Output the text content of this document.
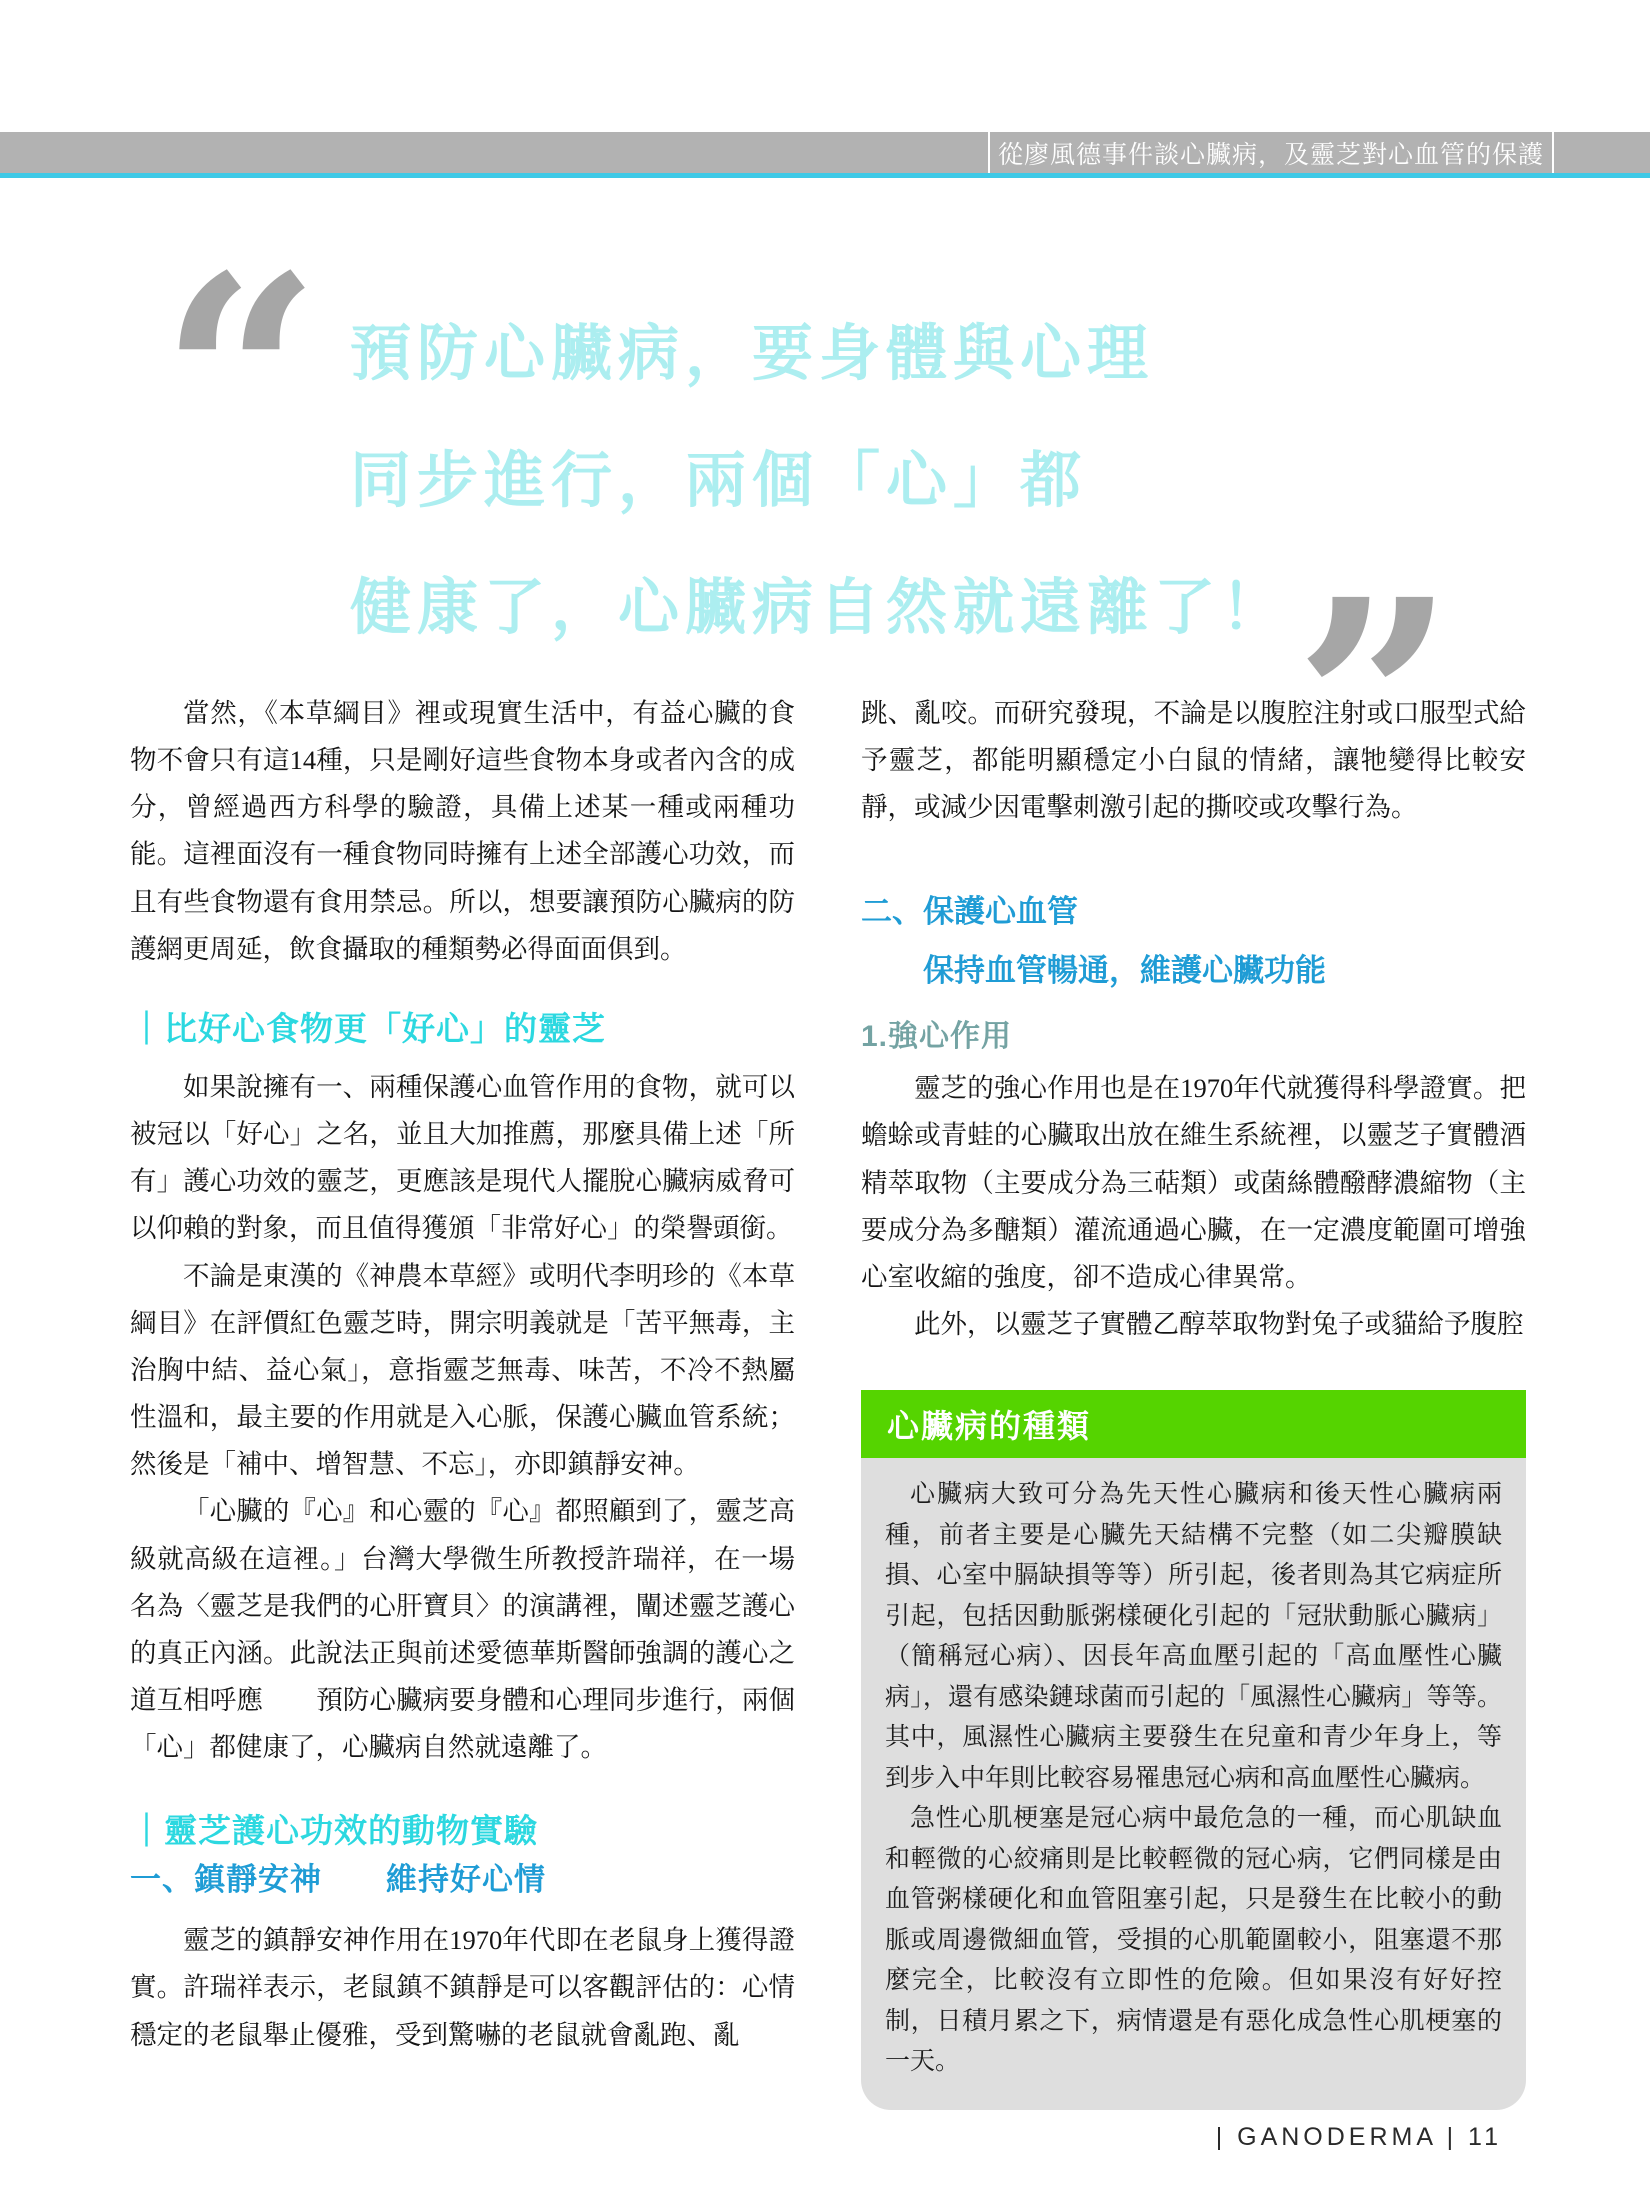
從廖風德事件談心臟病，及靈芝對心血管的保護
“ 預防心臟病，要身體與心理
同步進行，兩個「心」都
健康了，心臟病自然就遠離了！”

當然，《本草綱目》裡或現實生活中，有益心臟的食物不會只有這14種，只是剛好這些食物本身或者內含的成分，曾經過西方科學的驗證，具備上述某一種或兩種功能。這裡面沒有一種食物同時擁有上述全部護心功效，而且有些食物還有食用禁忌。所以，想要讓預防心臟病的防護網更周延，飲食攝取的種類勢必得面面俱到。

｜比好心食物更「好心」的靈芝

如果說擁有一、兩種保護心血管作用的食物，就可以被冠以「好心」之名，並且大加推薦，那麼具備上述「所有」護心功效的靈芝，更應該是現代人擺脫心臟病威脅可以仰賴的對象，而且值得獲頒「非常好心」的榮譽頭銜。

不論是東漢的《神農本草經》或明代李明珍的《本草綱目》在評價紅色靈芝時，開宗明義就是「苦平無毒，主治胸中結、益心氣」，意指靈芝無毒、味苦，不冷不熱屬性溫和，最主要的作用就是入心脈，保護心臟血管系統；然後是「補中、增智慧、不忘」，亦即鎮靜安神。

「心臟的『心』和心靈的『心』都照顧到了，靈芝高級就高級在這裡。」台灣大學微生所教授許瑞祥，在一場名為〈靈芝是我們的心肝寶貝〉的演講裡，闡述靈芝護心的真正內涵。此說法正與前述愛德華斯醫師強調的護心之道互相呼應　　預防心臟病要身體和心理同步進行，兩個「心」都健康了，心臟病自然就遠離了。

｜靈芝護心功效的動物實驗
一、鎮靜安神　　維持好心情

靈芝的鎮靜安神作用在1970年代即在老鼠身上獲得證實。許瑞祥表示，老鼠鎮不鎮靜是可以客觀評估的：心情穩定的老鼠舉止優雅，受到驚嚇的老鼠就會亂跑、亂

跳、亂咬。而研究發現，不論是以腹腔注射或口服型式給予靈芝，都能明顯穩定小白鼠的情緒，讓牠變得比較安靜，或減少因電擊刺激引起的撕咬或攻擊行為。

二、保護心血管
保持血管暢通，維護心臟功能
1.強心作用

靈芝的強心作用也是在1970年代就獲得科學證實。把蟾蜍或青蛙的心臟取出放在維生系統裡，以靈芝子實體酒精萃取物（主要成分為三萜類）或菌絲體醱酵濃縮物（主要成分為多醣類）灌流通過心臟，在一定濃度範圍可增強心室收縮的強度，卻不造成心律異常。

此外，以靈芝子實體乙醇萃取物對兔子或貓給予腹腔

心臟病的種類

心臟病大致可分為先天性心臟病和後天性心臟病兩種，前者主要是心臟先天結構不完整（如二尖瓣膜缺損、心室中膈缺損等等）所引起，後者則為其它病症所引起，包括因動脈粥樣硬化引起的「冠狀動脈心臟病」（簡稱冠心病）、因長年高血壓引起的「高血壓性心臟病」，還有感染鏈球菌而引起的「風濕性心臟病」等等。其中，風濕性心臟病主要發生在兒童和青少年身上，等到步入中年則比較容易罹患冠心病和高血壓性心臟病。

急性心肌梗塞是冠心病中最危急的一種，而心肌缺血和輕微的心絞痛則是比較輕微的冠心病，它們同樣是由血管粥樣硬化和血管阻塞引起，只是發生在比較小的動脈或周邊微細血管，受損的心肌範圍較小，阻塞還不那麼完全，比較沒有立即性的危險。但如果沒有好好控制，日積月累之下，病情還是有惡化成急性心肌梗塞的一天。

| GANODERMA | 11
